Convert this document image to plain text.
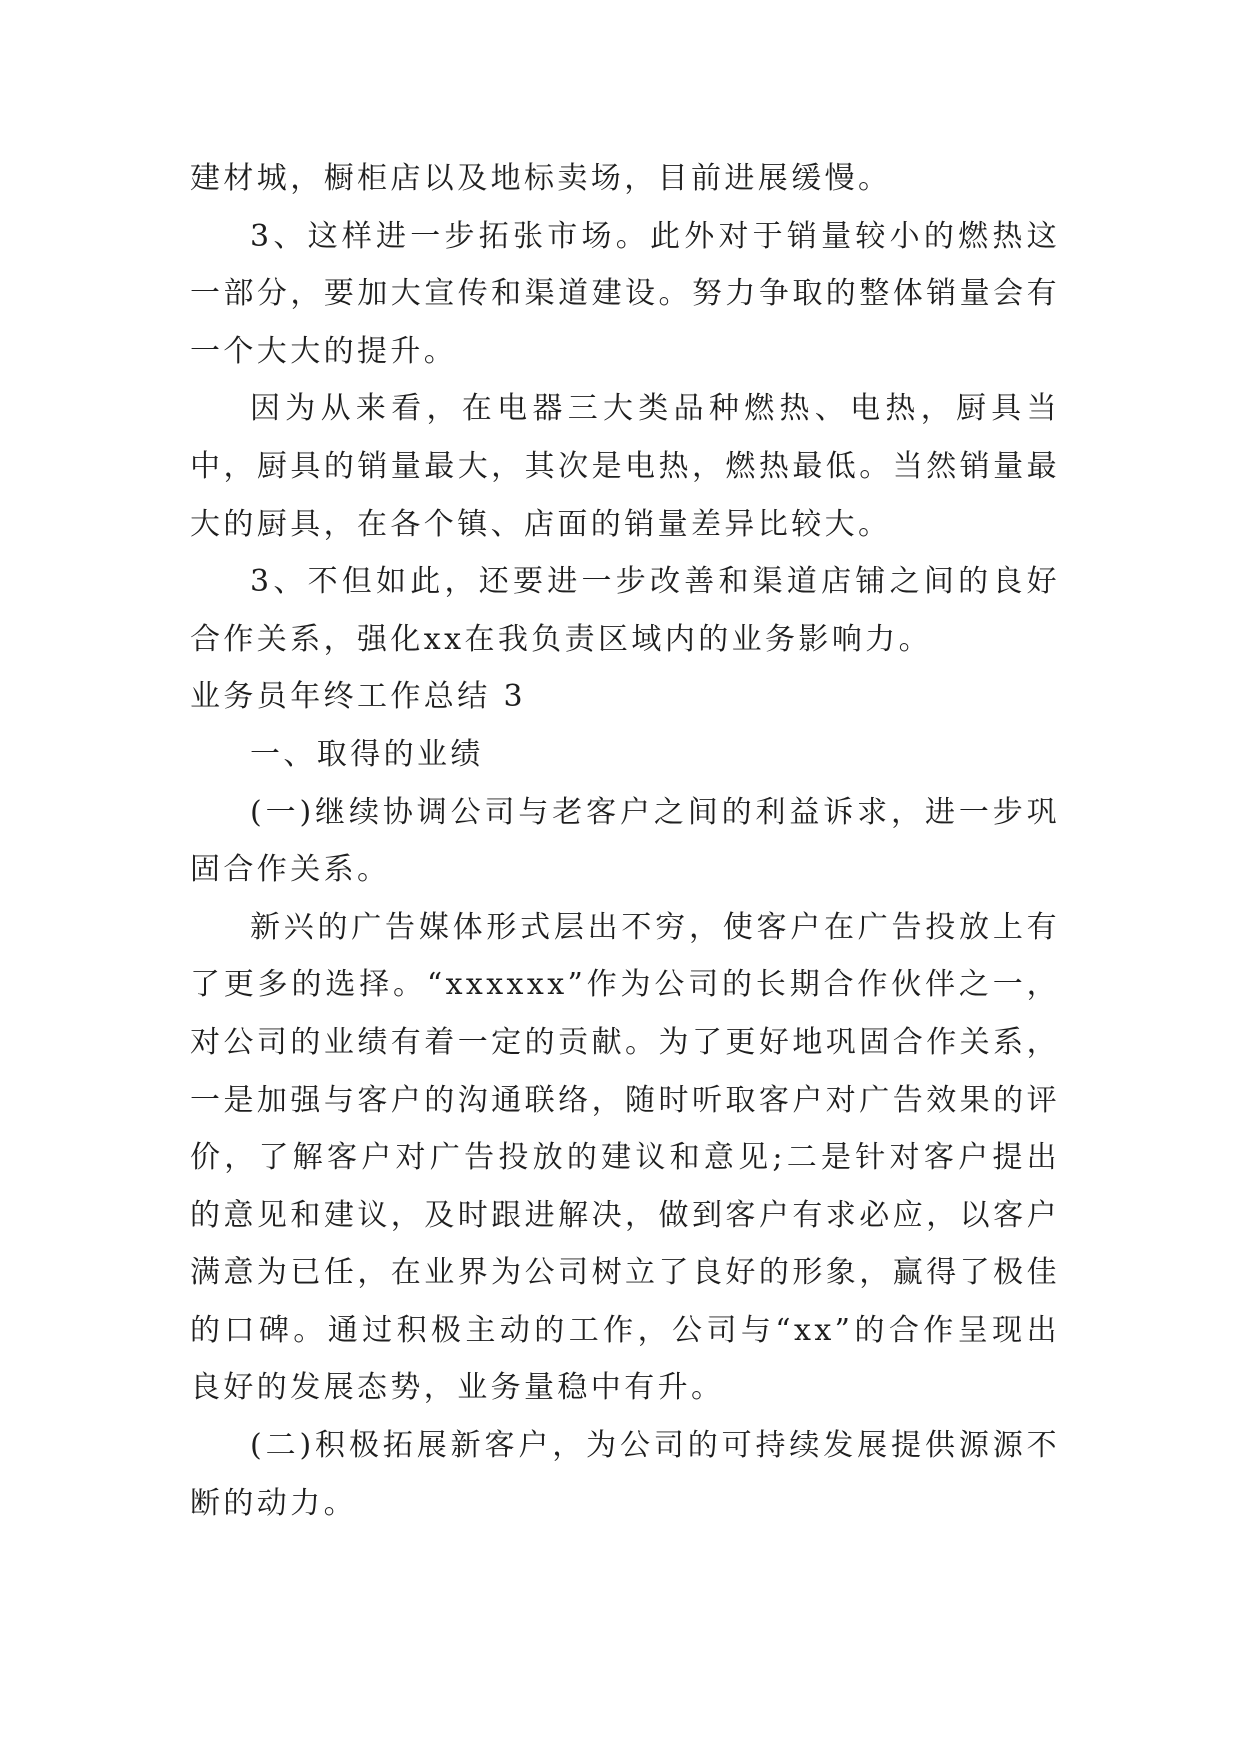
建材城，橱柜店以及地标卖场，目前进展缓慢。

3、这样进一步拓张市场。此外对于销量较小的燃热这一部分，要加大宣传和渠道建设。努力争取的整体销量会有一个大大的提升。

因为从来看，在电器三大类品种燃热、电热，厨具当中，厨具的销量最大，其次是电热，燃热最低。当然销量最大的厨具，在各个镇、店面的销量差异比较大。

3、不但如此，还要进一步改善和渠道店铺之间的良好合作关系，强化xx在我负责区域内的业务影响力。

业务员年终工作总结 3

一、取得的业绩

(一)继续协调公司与老客户之间的利益诉求，进一步巩固合作关系。

新兴的广告媒体形式层出不穷，使客户在广告投放上有了更多的选择。“xxxxxx”作为公司的长期合作伙伴之一，对公司的业绩有着一定的贡献。为了更好地巩固合作关系，一是加强与客户的沟通联络，随时听取客户对广告效果的评价，了解客户对广告投放的建议和意见;二是针对客户提出的意见和建议，及时跟进解决，做到客户有求必应，以客户满意为已任，在业界为公司树立了良好的形象，赢得了极佳的口碑。通过积极主动的工作，公司与“xx”的合作呈现出良好的发展态势，业务量稳中有升。

(二)积极拓展新客户，为公司的可持续发展提供源源不断的动力。
